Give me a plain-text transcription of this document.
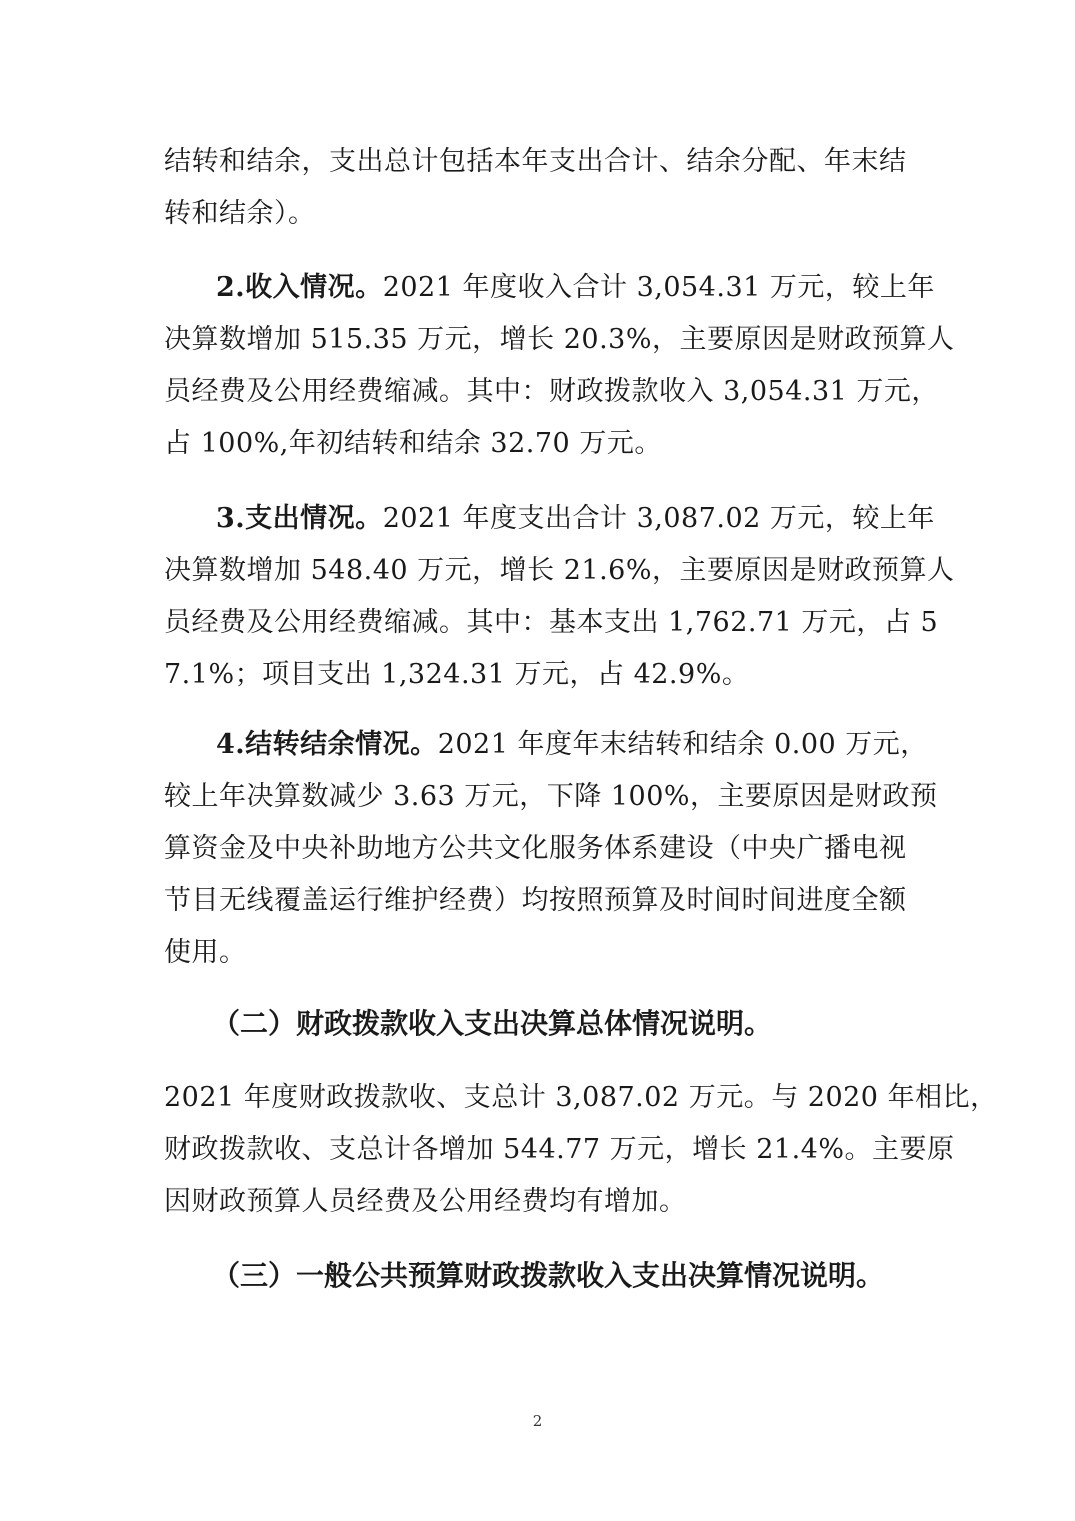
结转和结余，支出总计包括本年支出合计、结余分配、年末结
转和结余）。
2.收入情况。2021 年度收入合计 3,054.31 万元，较上年
决算数增加 515.35 万元，增长 20.3%，主要原因是财政预算人
员经费及公用经费缩减。其中：财政拨款收入 3,054.31 万元，
占 100%,年初结转和结余 32.70 万元。
3.支出情况。2021 年度支出合计 3,087.02 万元，较上年
决算数增加 548.40 万元，增长 21.6%，主要原因是财政预算人
员经费及公用经费缩减。其中：基本支出 1,762.71 万元，占 5
7.1%；项目支出 1,324.31 万元，占 42.9%。
4.结转结余情况。2021 年度年末结转和结余 0.00 万元，
较上年决算数减少 3.63 万元，下降 100%，主要原因是财政预
算资金及中央补助地方公共文化服务体系建设（中央广播电视
节目无线覆盖运行维护经费）均按照预算及时间时间进度全额
使用。
（二）财政拨款收入支出决算总体情况说明。
2021 年度财政拨款收、支总计 3,087.02 万元。与 2020 年相比，
财政拨款收、支总计各增加 544.77 万元，增长 21.4%。主要原
因财政预算人员经费及公用经费均有增加。
（三）一般公共预算财政拨款收入支出决算情况说明。
2
